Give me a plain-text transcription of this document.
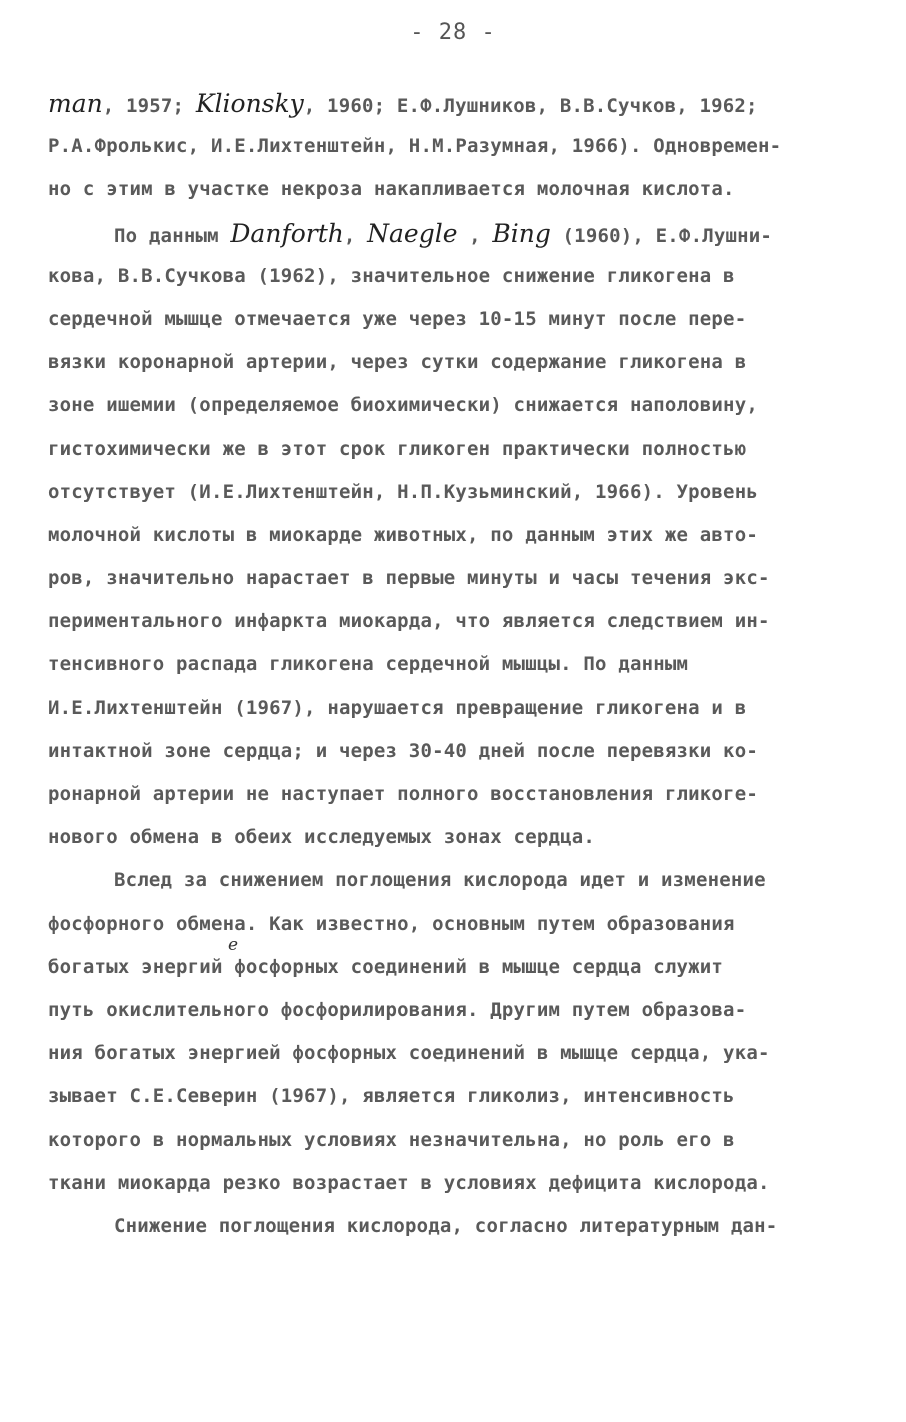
- 28 -
е
man, 1957; Klionsky, 1960; Е.Ф.Лушников, В.В.Сучков, 1962;
Р.А.Фролькис, И.Е.Лихтенштейн, Н.М.Разумная, 1966). Одновремен-
но с этим в участке некроза накапливается молочная кислота.
По данным Danforth, Naegle , Bing (1960), Е.Ф.Лушни-
кова, В.В.Сучкова (1962), значительное снижение гликогена в
сердечной мышце отмечается уже через 10-15 минут после пере-
вязки коронарной артерии, через сутки содержание гликогена в
зоне ишемии (определяемое биохимически) снижается наполовину,
гистохимически же в этот срок гликоген практически полностью
отсутствует (И.Е.Лихтенштейн, Н.П.Кузьминский, 1966). Уровень
молочной кислоты в миокарде животных, по данным этих же авто-
ров, значительно нарастает в первые минуты и часы течения экс-
периментального инфаркта миокарда, что является следствием ин-
тенсивного распада гликогена сердечной мышцы. По данным
И.Е.Лихтенштейн (1967), нарушается превращение гликогена и в
интактной зоне сердца; и через 30-40 дней после перевязки ко-
ронарной артерии не наступает полного восстановления гликоге-
нового обмена в обеих исследуемых зонах сердца.
Вслед за снижением поглощения кислорода идет и изменение
фосфорного обмена. Как известно, основным путем образования
богатых энергий фосфорных соединений в мышце сердца служит
путь окислительного фосфорилирования. Другим путем образова-
ния богатых энергией фосфорных соединений в мышце сердца, ука-
зывает С.Е.Северин (1967), является гликолиз, интенсивность
которого в нормальных условиях незначительна, но роль его в
ткани миокарда резко возрастает в условиях дефицита кислорода.
Снижение поглощения кислорода, согласно литературным дан-
